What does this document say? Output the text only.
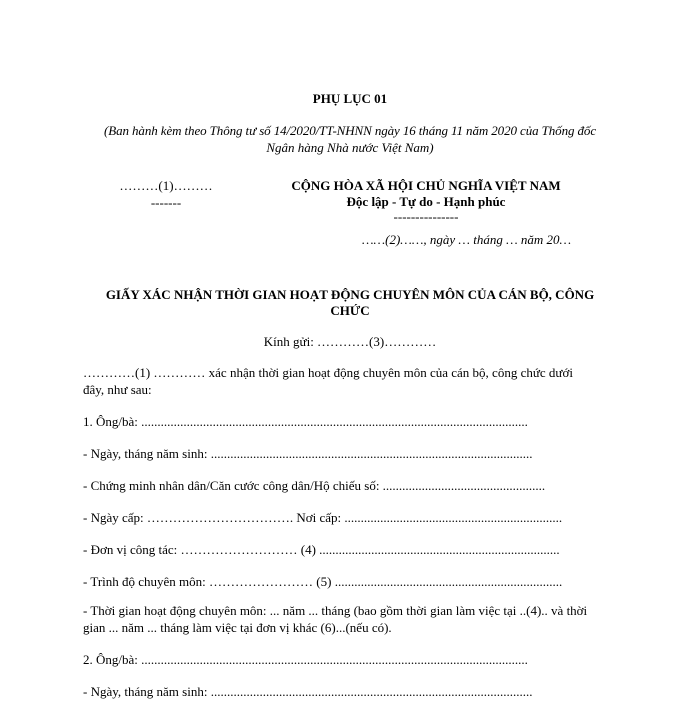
PHỤ LỤC 01
(Ban hành kèm theo Thông tư số 14/2020/TT-NHNN ngày 16 tháng 11 năm 2020 của Thống đốc
Ngân hàng Nhà nước Việt Nam)
………(1)………
-------
CỘNG HÒA XÃ HỘI CHỦ NGHĨA VIỆT NAM
Độc lập - Tự do - Hạnh phúc
---------------
……(2)……, ngày … tháng … năm 20…
GIẤY XÁC NHẬN THỜI GIAN HOẠT ĐỘNG CHUYÊN MÔN CỦA CÁN BỘ, CÔNG
CHỨC
Kính gửi: …………(3)…………
…………(1) ………… xác nhận thời gian hoạt động chuyên môn của cán bộ, công chức dưới
đây, như sau:
1. Ông/bà: .......................................................................................................................
- Ngày, tháng năm sinh: ...................................................................................................
- Chứng minh nhân dân/Căn cước công dân/Hộ chiếu số: ..................................................
- Ngày cấp: ……………………………. Nơi cấp: ...................................................................
- Đơn vị công tác: ……………………… (4) ..........................................................................
- Trình độ chuyên môn: …………………… (5) ......................................................................
- Thời gian hoạt động chuyên môn: ... năm ... tháng (bao gồm thời gian làm việc tại ..(4).. và thời
gian ... năm ... tháng làm việc tại đơn vị khác (6)...(nếu có).
2. Ông/bà: .......................................................................................................................
- Ngày, tháng năm sinh: ...................................................................................................
